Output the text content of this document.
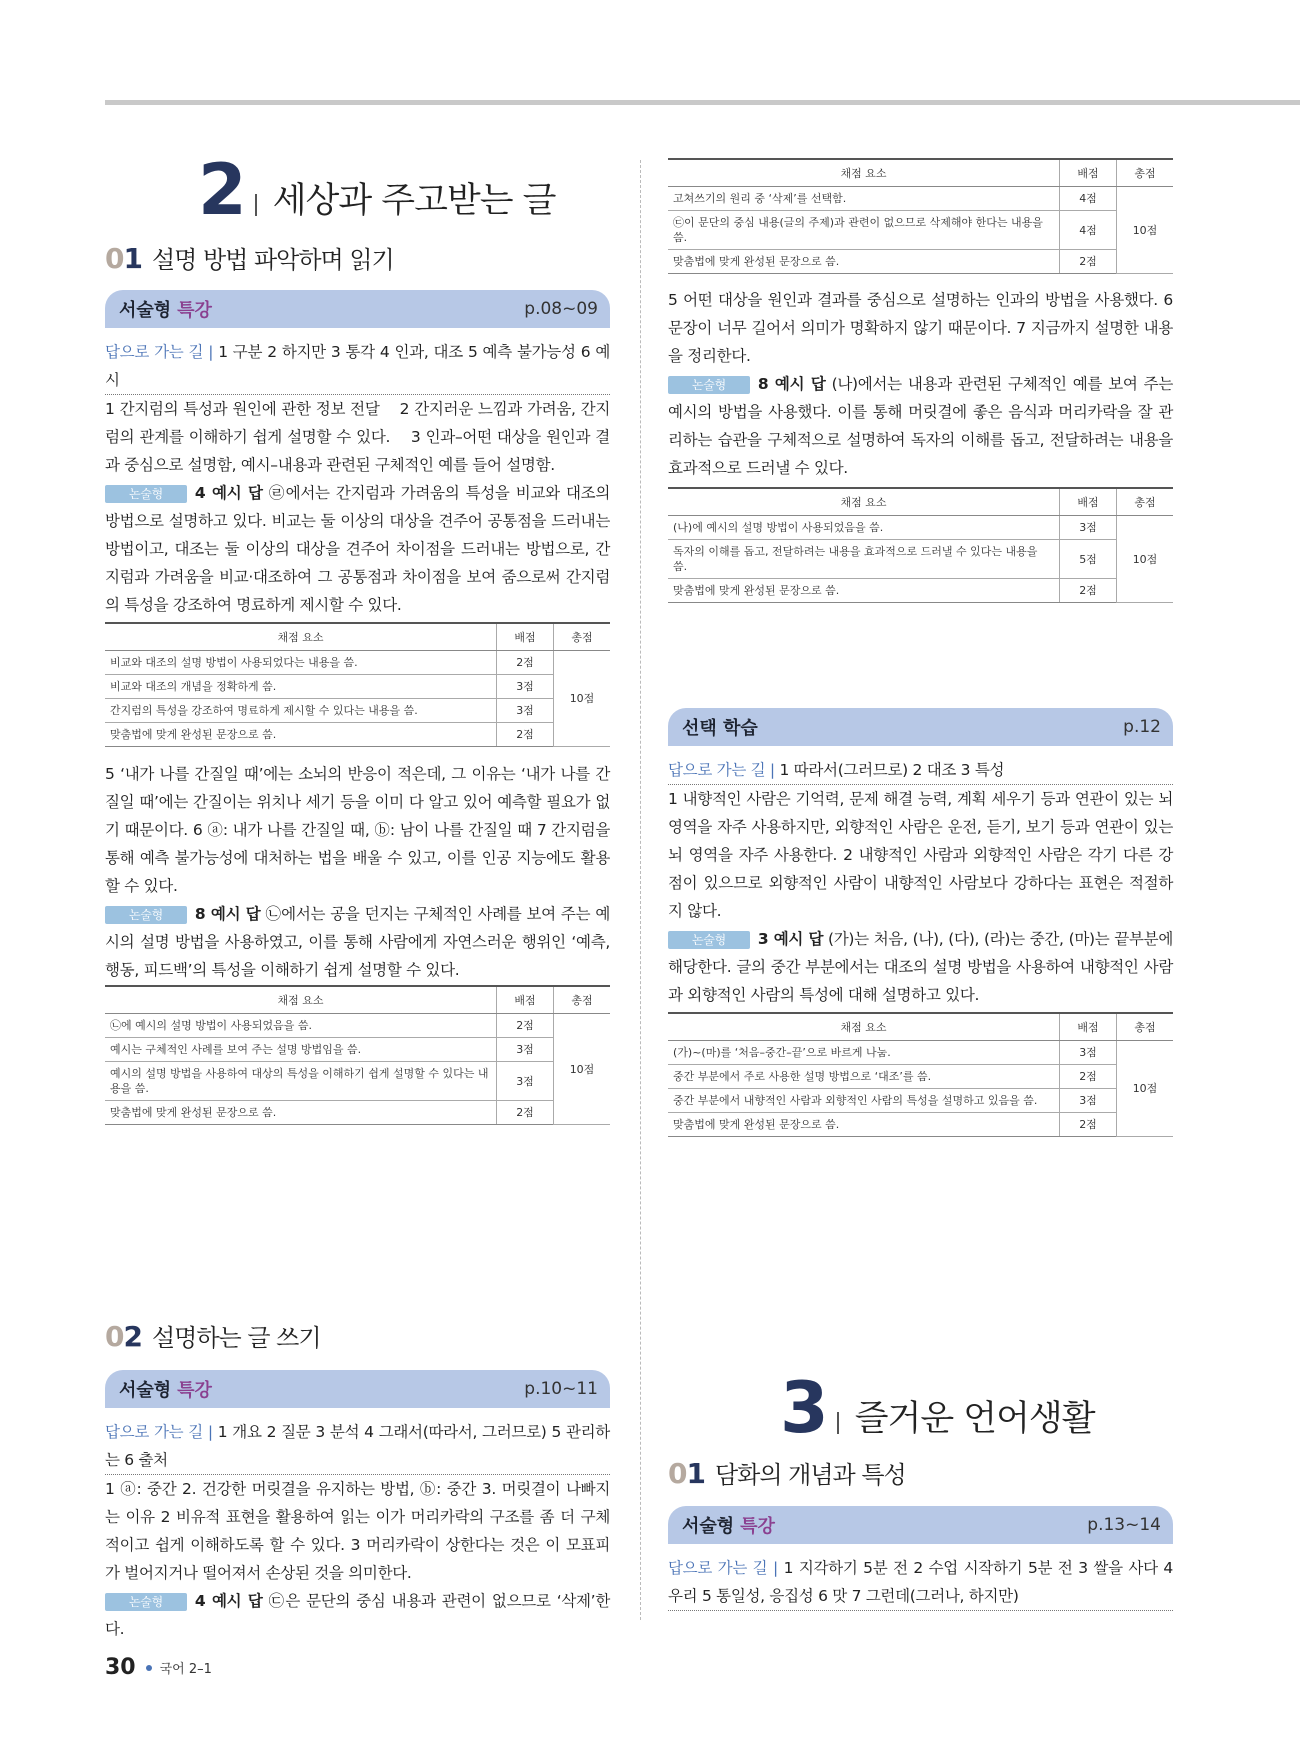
2 세상과 주고받는 글
0 1 설명 방법 파악하며 읽기
서술형 특강	p.08~09

답으로 가는 길 | 1 구분 2 하지만 3 통각 4 인과, 대조 5 예측 불가능성 6 예시

1 간지럼의 특성과 원인에 관한 정보 전달 2 간지러운 느낌과 가려움, 간지럼의 관계를 이해하기 쉽게 설명할 수 있다. 3 인과–어떤 대상을 원인과 결과 중심으로 설명함, 예시–내용과 관련된 구체적인 예를 들어 설명함.

논술형 4 예시 답 ㉣에서는 간지럼과 가려움의 특성을 비교와 대조의 방법으로 설명하고 있다. 비교는 둘 이상의 대상을 견주어 공통점을 드러내는 방법이고, 대조는 둘 이상의 대상을 견주어 차이점을 드러내는 방법으로, 간지럼과 가려움을 비교·대조하여 그 공통점과 차이점을 보여 줌으로써 간지럼의 특성을 강조하여 명료하게 제시할 수 있다.

채점 요소	배점	총점
비교와 대조의 설명 방법이 사용되었다는 내용을 씀.	2점	10점
비교와 대조의 개념을 정확하게 씀.	3점	
간지럼의 특성을 강조하여 명료하게 제시할 수 있다는 내용을 씀.	3점	
맞춤법에 맞게 완성된 문장으로 씀.	2점	

5 ‘내가 나를 간질일 때’에는 소뇌의 반응이 적은데, 그 이유는 ‘내가 나를 간질일 때’에는 간질이는 위치나 세기 등을 이미 다 알고 있어 예측할 필요가 없기 때문이다. 6 ⓐ: 내가 나를 간질일 때, ⓑ: 남이 나를 간질일 때 7 간지럼을 통해 예측 불가능성에 대처하는 법을 배울 수 있고, 이를 인공 지능에도 활용할 수 있다.

논술형 8 예시 답 ㉡에서는 공을 던지는 구체적인 사례를 보여 주는 예시의 설명 방법을 사용하였고, 이를 통해 사람에게 자연스러운 행위인 ‘예측, 행동, 피드백’의 특성을 이해하기 쉽게 설명할 수 있다.

채점 요소	배점	총점
㉡에 예시의 설명 방법이 사용되었음을 씀.	2점	10점
예시는 구체적인 사례를 보여 주는 설명 방법임을 씀.	3점	
예시의 설명 방법을 사용하여 대상의 특성을 이해하기 쉽게 설명할 수 있다는 내용을 씀.	3점	
맞춤법에 맞게 완성된 문장으로 씀.	2점	
0 2 설명하는 글 쓰기
서술형 특강	p.10~11

답으로 가는 길 | 1 개요 2 질문 3 분석 4 그래서(따라서, 그러므로) 5 관리하는 6 출처

1 ⓐ: 중간 2. 건강한 머릿결을 유지하는 방법, ⓑ: 중간 3. 머릿결이 나빠지는 이유 2 비유적 표현을 활용하여 읽는 이가 머리카락의 구조를 좀 더 구체적이고 쉽게 이해하도록 할 수 있다. 3 머리카락이 상한다는 것은 이 모표피가 벌어지거나 떨어져서 손상된 것을 의미한다.

논술형 4 예시 답 ㉢은 문단의 중심 내용과 관련이 없으므로 ‘삭제’한다.

채점 요소	배점	총점
고쳐쓰기의 원리 중 ‘삭제’를 선택함.	4점	10점
㉢이 문단의 중심 내용(글의 주제)과 관련이 없으므로 삭제해야 한다는 내용을 씀.	4점	
맞춤법에 맞게 완성된 문장으로 씀.	2점	

5 어떤 대상을 원인과 결과를 중심으로 설명하는 인과의 방법을 사용했다. 6 문장이 너무 길어서 의미가 명확하지 않기 때문이다. 7 지금까지 설명한 내용을 정리한다.

논술형 8 예시 답 (나)에서는 내용과 관련된 구체적인 예를 보여 주는 예시의 방법을 사용했다. 이를 통해 머릿결에 좋은 음식과 머리카락을 잘 관리하는 습관을 구체적으로 설명하여 독자의 이해를 돕고, 전달하려는 내용을 효과적으로 드러낼 수 있다.

채점 요소	배점	총점
(나)에 예시의 설명 방법이 사용되었음을 씀.	3점	10점
독자의 이해를 돕고, 전달하려는 내용을 효과적으로 드러낼 수 있다는 내용을 씀.	5점	
맞춤법에 맞게 완성된 문장으로 씀.	2점	
선택 학습	p.12

답으로 가는 길 | 1 따라서(그러므로) 2 대조 3 특성

1 내향적인 사람은 기억력, 문제 해결 능력, 계획 세우기 등과 연관이 있는 뇌 영역을 자주 사용하지만, 외향적인 사람은 운전, 듣기, 보기 등과 연관이 있는 뇌 영역을 자주 사용한다. 2 내향적인 사람과 외향적인 사람은 각기 다른 강점이 있으므로 외향적인 사람이 내향적인 사람보다 강하다는 표현은 적절하지 않다.

논술형 3 예시 답 (가)는 처음, (나), (다), (라)는 중간, (마)는 끝부분에 해당한다. 글의 중간 부분에서는 대조의 설명 방법을 사용하여 내향적인 사람과 외향적인 사람의 특성에 대해 설명하고 있다.

채점 요소	배점	총점
(가)~(마)를 ‘처음–중간–끝’으로 바르게 나눔.	3점	10점
중간 부분에서 주로 사용한 설명 방법으로 ‘대조’를 씀.	2점	
중간 부분에서 내향적인 사람과 외향적인 사람의 특성을 설명하고 있음을 씀.	3점	
맞춤법에 맞게 완성된 문장으로 씀.	2점	
3 즐거운 언어생활
0 1 담화의 개념과 특성
서술형 특강	p.13~14

답으로 가는 길 | 1 지각하기 5분 전 2 수업 시작하기 5분 전 3 쌀을 사다 4 우리 5 통일성, 응집성 6 맛 7 그런데(그러나, 하지만)

30 국어 2–1
